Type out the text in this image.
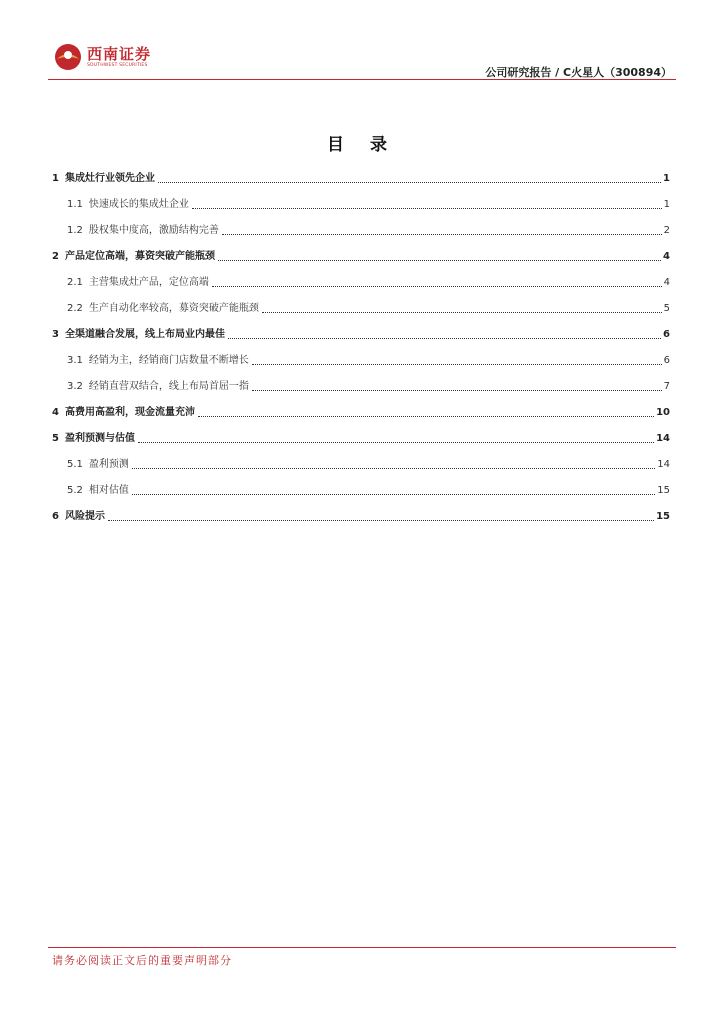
西南证券
SOUTHWEST SECURITIES
公司研究报告 / C火星人（300894）
目 录
1 集成灶行业领先企业	1
1.1 快速成长的集成灶企业	1
1.2 股权集中度高，激励结构完善	2
2 产品定位高端，募资突破产能瓶颈	4
2.1 主营集成灶产品，定位高端	4
2.2 生产自动化率较高，募资突破产能瓶颈	5
3 全渠道融合发展，线上布局业内最佳	6
3.1 经销为主，经销商门店数量不断增长	6
3.2 经销直营双结合，线上布局首屈一指	7
4 高费用高盈利，现金流量充沛	10
5 盈利预测与估值	14
5.1 盈利预测	14
5.2 相对估值	15
6 风险提示	15
请务必阅读正文后的重要声明部分
